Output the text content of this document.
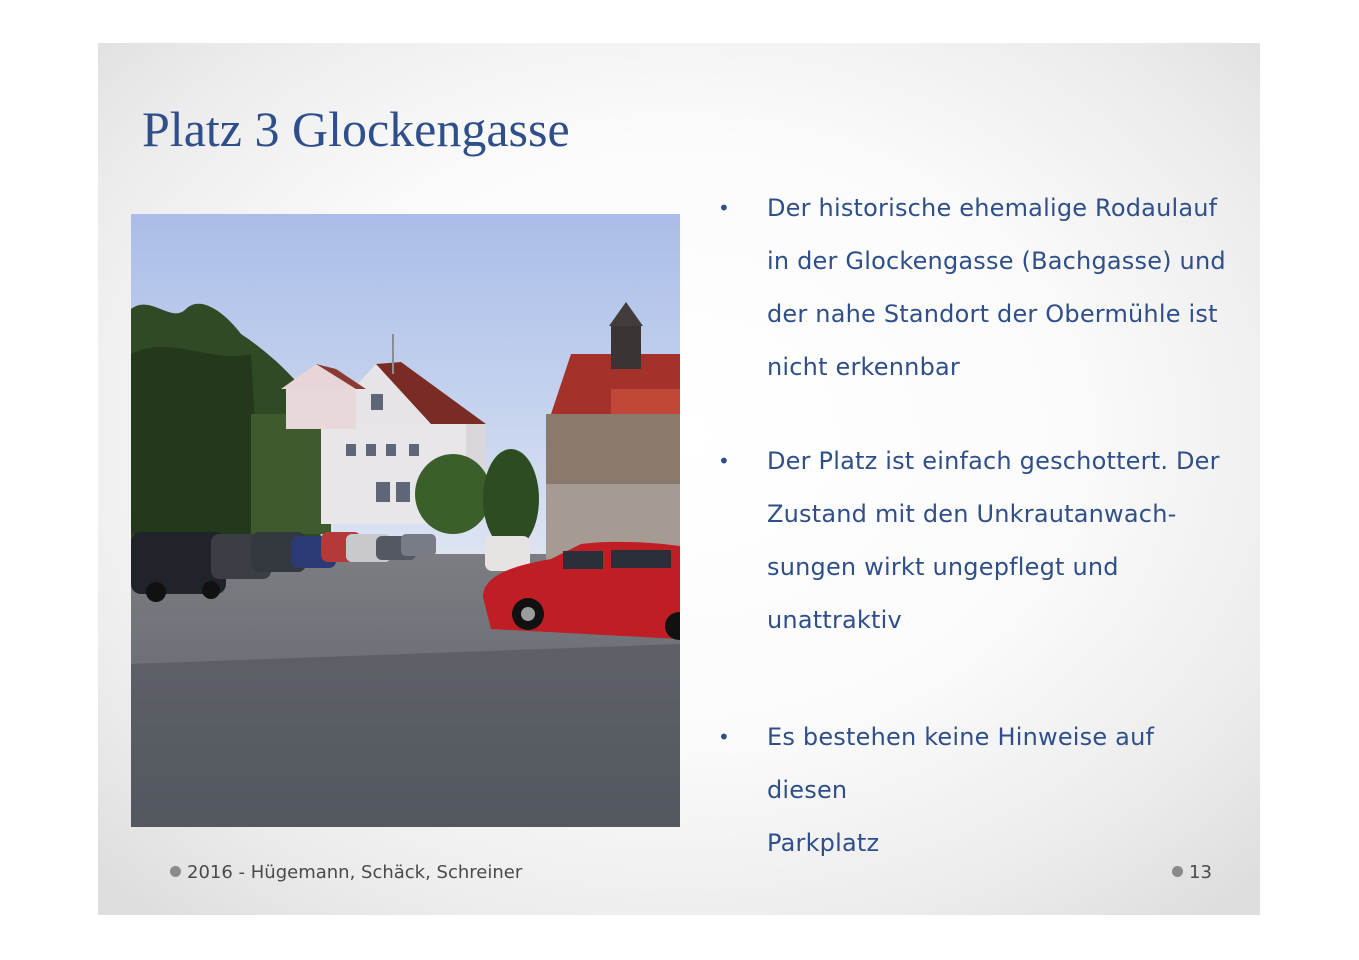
Platz 3 Glockengasse
•	Der historische ehemalige Rodaulauf
in der Glockengasse (Bachgasse) und
der nahe Standort der Obermühle ist
nicht erkennbar
•	Der Platz ist einfach geschottert. Der
Zustand mit den Unkrautanwach-
sungen wirkt ungepflegt und
unattraktiv
•	Es bestehen keine Hinweise auf diesen
Parkplatz
2016 - Hügemann, Schäck, Schreiner	13
